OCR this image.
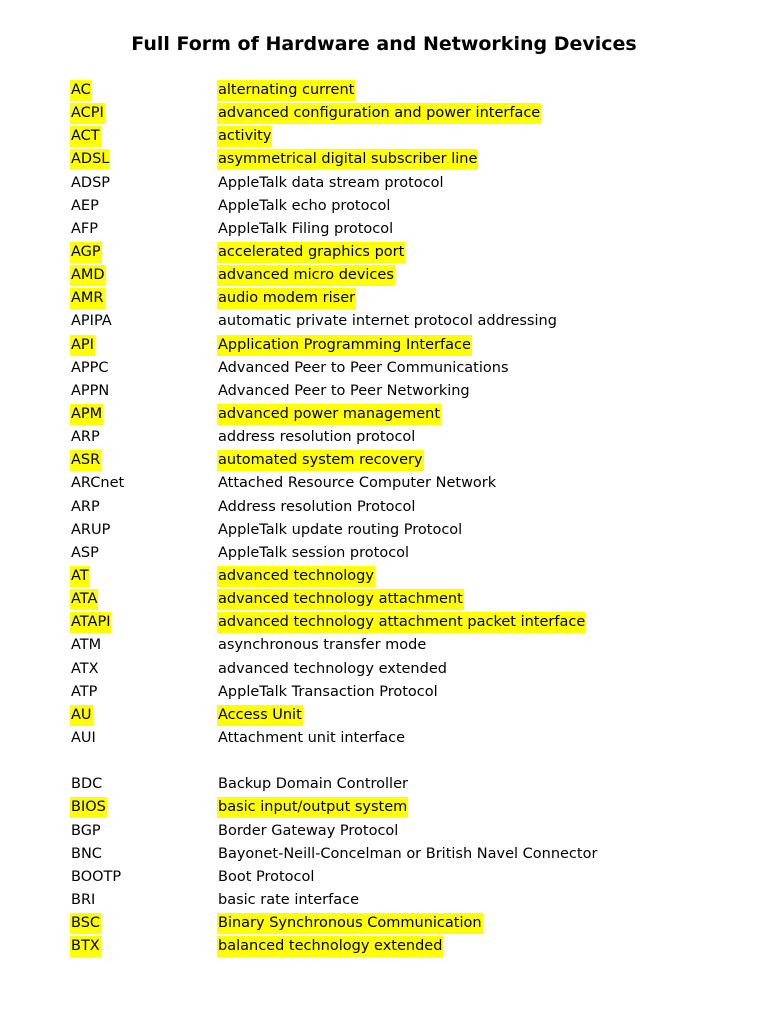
Full Form of Hardware and Networking Devices
AC	alternating current
ACPI	advanced configuration and power interface
ACT	activity
ADSL	asymmetrical digital subscriber line
ADSP	AppleTalk data stream protocol
AEP	AppleTalk echo protocol
AFP	AppleTalk Filing protocol
AGP	accelerated graphics port
AMD	advanced micro devices
AMR	audio modem riser
APIPA	automatic private internet protocol addressing
API	Application Programming Interface
APPC	Advanced Peer to Peer Communications
APPN	Advanced Peer to Peer Networking
APM	advanced power management
ARP	address resolution protocol
ASR	automated system recovery
ARCnet	Attached Resource Computer Network
ARP	Address resolution Protocol
ARUP	AppleTalk update routing Protocol
ASP	AppleTalk session protocol
AT	advanced technology
ATA	advanced technology attachment
ATAPI	advanced technology attachment packet interface
ATM	asynchronous transfer mode
ATX	advanced technology extended
ATP	AppleTalk Transaction Protocol
AU	Access Unit
AUI	Attachment unit interface
BDC	Backup Domain Controller
BIOS	basic input/output system
BGP	Border Gateway Protocol
BNC	Bayonet-Neill-Concelman or British Navel Connector
BOOTP	Boot Protocol
BRI	basic rate interface
BSC	Binary Synchronous Communication
BTX	balanced technology extended
